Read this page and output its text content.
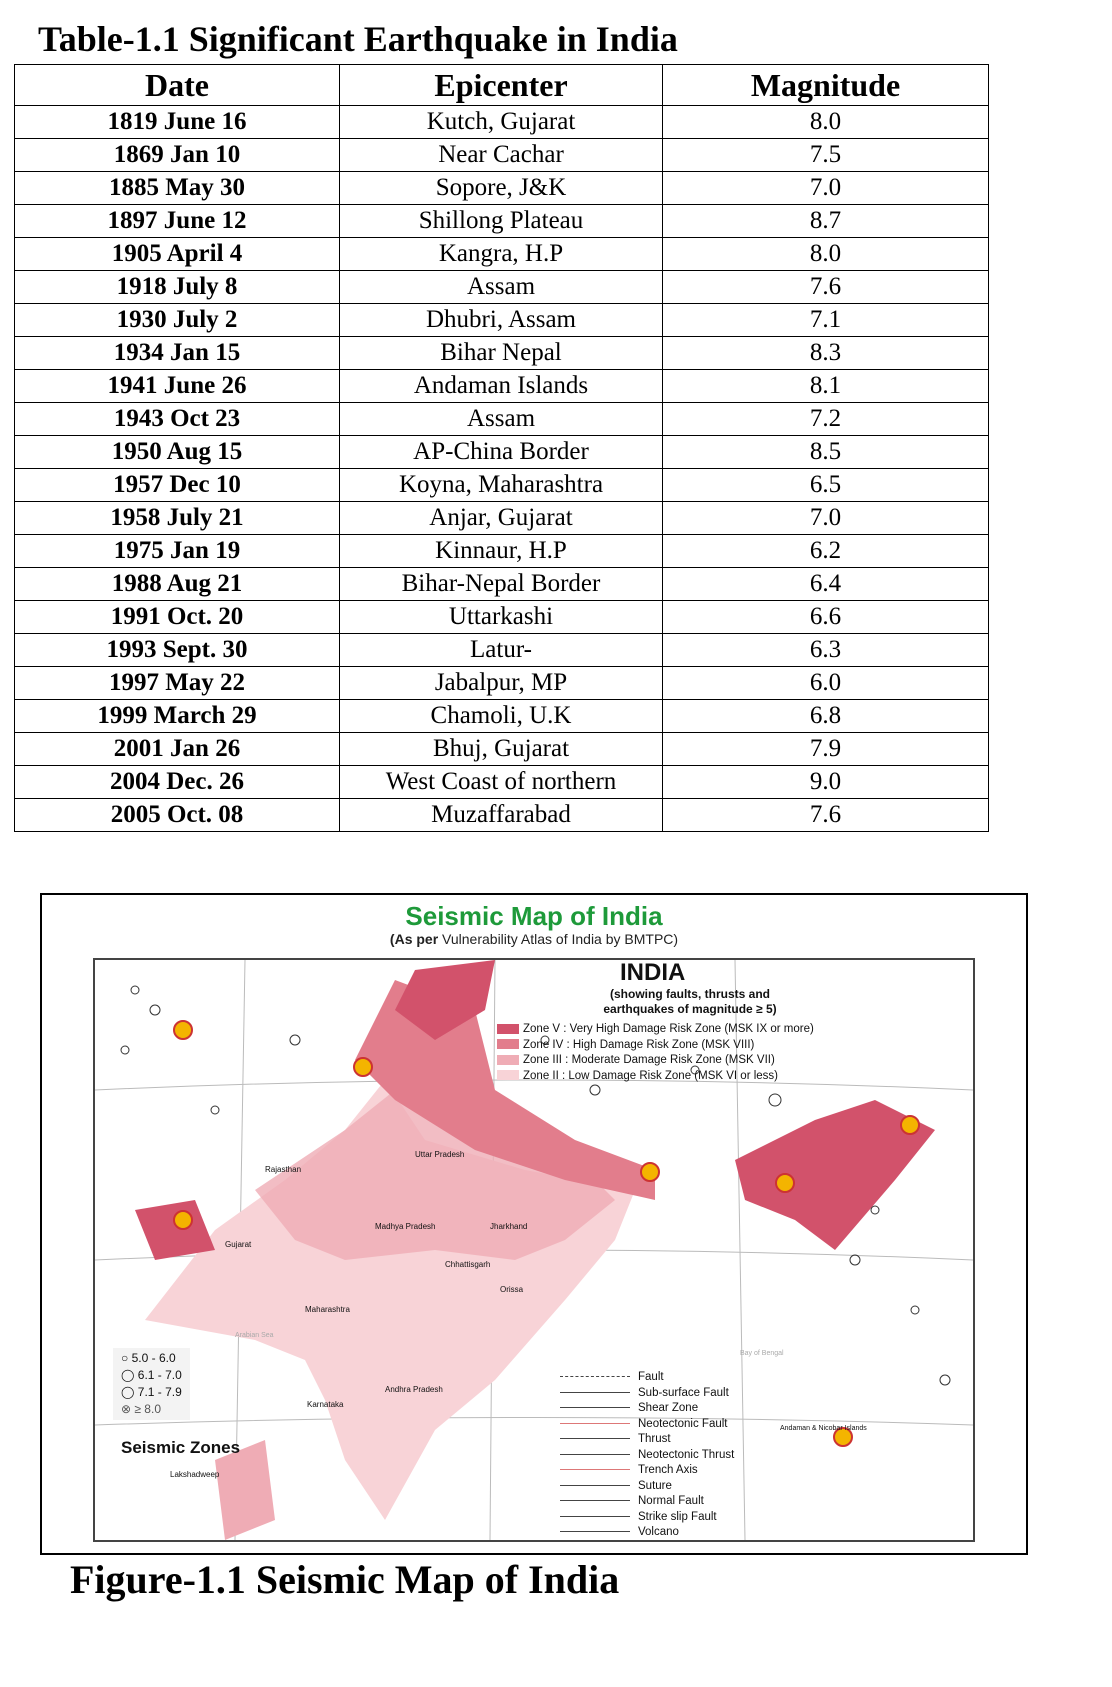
Table-1.1 Significant Earthquake in India
Date	Epicenter	Magnitude
1819 June 16	Kutch, Gujarat	8.0
1869 Jan 10	Near Cachar	7.5
1885 May 30	Sopore, J&K	7.0
1897 June 12	Shillong Plateau	8.7
1905 April 4	Kangra, H.P	8.0
1918 July 8	Assam	7.6
1930 July 2	Dhubri, Assam	7.1
1934 Jan 15	Bihar Nepal	8.3
1941 June 26	Andaman Islands	8.1
1943 Oct 23	Assam	7.2
1950 Aug 15	AP-China Border	8.5
1957 Dec 10	Koyna, Maharashtra	6.5
1958 July 21	Anjar, Gujarat	7.0
1975 Jan 19	Kinnaur, H.P	6.2
1988 Aug 21	Bihar-Nepal Border	6.4
1991 Oct. 20	Uttarkashi	6.6
1993 Sept. 30	Latur-	6.3
1997 May 22	Jabalpur, MP	6.0
1999 March 29	Chamoli, U.K	6.8
2001 Jan 26	Bhuj, Gujarat	7.9
2004 Dec. 26	West Coast of northern	9.0
2005 Oct. 08	Muzaffarabad	7.6
Seismic Map of India
(As per Vulnerability Atlas of India by BMTPC)
INDIA
(showing faults, thrusts and
earthquakes of magnitude ≥ 5)
Zone V : Very High Damage Risk Zone (MSK IX or more)
Zone IV : High Damage Risk Zone (MSK VIII)
Zone III : Moderate Damage Risk Zone (MSK VII)
Zone II : Low Damage Risk Zone (MSK VI or less)
○ 5.0 - 6.0
◯ 6.1 - 7.0
◯ 7.1 - 7.9
⊗ ≥ 8.0
Seismic Zones
Fault
Sub-surface Fault
Shear Zone
Neotectonic Fault
Thrust
Neotectonic Thrust
Trench Axis
Suture
Normal Fault
Strike slip Fault
Volcano
Rajasthan
Gujarat
Madhya Pradesh
Maharashtra
Andhra Pradesh
Karnataka
Orissa
Jharkhand
Chhattisgarh
Uttar Pradesh
Lakshadweep
Arabian Sea
Bay of Bengal
Andaman & Nicobar Islands
Figure-1.1 Seismic Map of India
